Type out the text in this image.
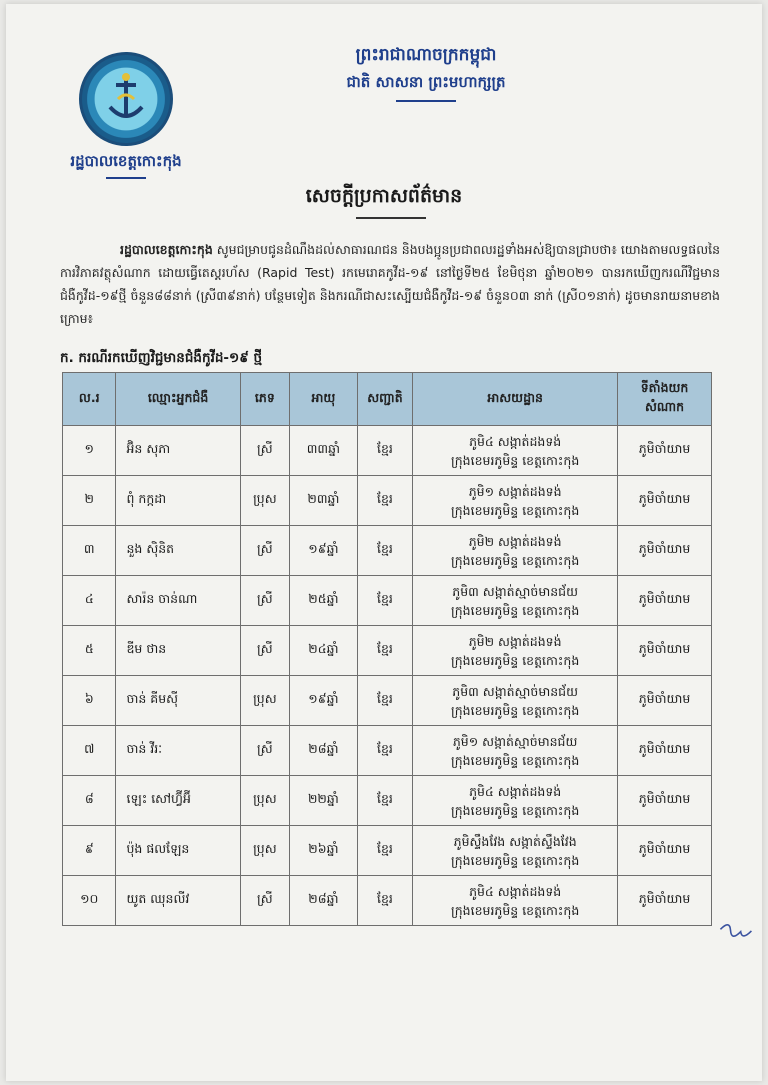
រដ្ឋបាលខេត្តកោះកុង
ព្រះរាជាណាចក្រកម្ពុជា
ជាតិ សាសនា ព្រះមហាក្សត្រ
សេចក្ដីប្រកាសព័ត៌មាន
រដ្ឋបាលខេត្តកោះកុង សូមជម្រាបជូនដំណឹងដល់សាធារណជន និងបងប្អូនប្រជាពលរដ្ឋទាំងអស់ឱ្យបានជ្រាបថា៖ យោងតាមលទ្ធផលនៃការវិភាគវត្ថុសំណាក ដោយធ្វើតេស្តរហ័ស (Rapid Test) រកមេរោគកូវីដ-១៩ នៅថ្ងៃទី២៥ ខែមិថុនា ឆ្នាំ២០២១ បានរកឃើញករណីវិជ្ជមានជំងឺកូវីដ-១៩ថ្មី ចំនួន៨៨នាក់ (ស្រី៣៩នាក់) បន្ថែមទៀត និងករណីជាសះស្បើយជំងឺកូវីដ-១៩ ចំនួន០៣ នាក់ (ស្រី០១នាក់) ដូចមានរាយនាមខាងក្រោម៖
ក. ករណីរកឃើញវិជ្ជមានជំងឺកូវីដ-១៩ ថ្មី
ល.រ	ឈ្មោះអ្នកជំងឺ	ភេទ	អាយុ	សញ្ជាតិ	អាសយដ្ឋាន	ទីតាំងយក សំណាក
១	អ៊ិន សុភា	ស្រី	៣៣ឆ្នាំ	ខ្មែរ	ភូមិ៤ សង្កាត់ដងទង់
ក្រុងខេមរភូមិន្ទ ខេត្តកោះកុង	ភូមិចាំយាម
២	ពុំ កក្កដា	ប្រុស	២៣ឆ្នាំ	ខ្មែរ	ភូមិ១ សង្កាត់ដងទង់
ក្រុងខេមរភូមិន្ទ ខេត្តកោះកុង	ភូមិចាំយាម
៣	នួង ស៊ិនិត	ស្រី	១៩ឆ្នាំ	ខ្មែរ	ភូមិ២ សង្កាត់ដងទង់
ក្រុងខេមរភូមិន្ទ ខេត្តកោះកុង	ភូមិចាំយាម
៤	សារ៉ន ចាន់ណា	ស្រី	២៥ឆ្នាំ	ខ្មែរ	ភូមិ៣ សង្កាត់ស្មាច់មានជ័យ
ក្រុងខេមរភូមិន្ទ ខេត្តកោះកុង	ភូមិចាំយាម
៥	ឌីម ថាន	ស្រី	២៤ឆ្នាំ	ខ្មែរ	ភូមិ២ សង្កាត់ដងទង់
ក្រុងខេមរភូមិន្ទ ខេត្តកោះកុង	ភូមិចាំយាម
៦	ចាន់ គីមស៊ី	ប្រុស	១៩ឆ្នាំ	ខ្មែរ	ភូមិ៣ សង្កាត់ស្មាច់មានជ័យ
ក្រុងខេមរភូមិន្ទ ខេត្តកោះកុង	ភូមិចាំយាម
៧	ចាន់ វីរៈ	ស្រី	២៨ឆ្នាំ	ខ្មែរ	ភូមិ១ សង្កាត់ស្មាច់មានជ័យ
ក្រុងខេមរភូមិន្ទ ខេត្តកោះកុង	ភូមិចាំយាម
៨	ឡេះ សៅហ្វ៊ីអ៊ី	ប្រុស	២២ឆ្នាំ	ខ្មែរ	ភូមិ៤ សង្កាត់ដងទង់
ក្រុងខេមរភូមិន្ទ ខេត្តកោះកុង	ភូមិចាំយាម
៩	ប៉ុង ផលឡែន	ប្រុស	២៦ឆ្នាំ	ខ្មែរ	ភូមិស្ទឹងវែង សង្កាត់ស្ទឹងវែង
ក្រុងខេមរភូមិន្ទ ខេត្តកោះកុង	ភូមិចាំយាម
១០	យូត ឈុនលីវ	ស្រី	២៨ឆ្នាំ	ខ្មែរ	ភូមិ៤ សង្កាត់ដងទង់
ក្រុងខេមរភូមិន្ទ ខេត្តកោះកុង	ភូមិចាំយាម
